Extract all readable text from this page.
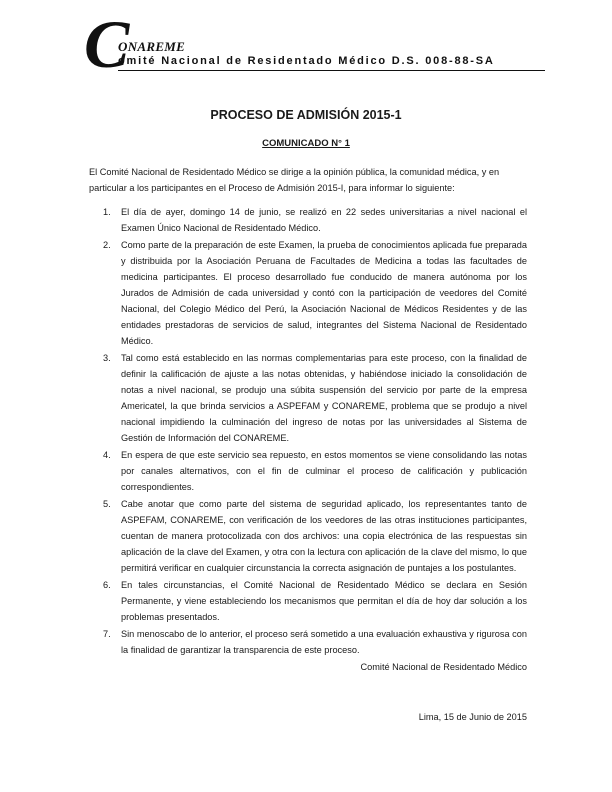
C
ONAREME
omité Nacional de Residentado Médico D.S. 008-88-SA
PROCESO DE ADMISIÓN 2015-1
COMUNICADO N° 1

El Comité Nacional de Residentado Médico se dirige a la opinión pública, la comunidad médica, y en particular a los participantes en el Proceso de Admisión 2015-I, para informar lo siguiente:

1. El día de ayer, domingo 14 de junio, se realizó en 22 sedes universitarias a nivel nacional el Examen Único Nacional de Residentado Médico.
2. Como parte de la preparación de este Examen, la prueba de conocimientos aplicada fue preparada y distribuida por la Asociación Peruana de Facultades de Medicina a todas las facultades de medicina participantes. El proceso desarrollado fue conducido de manera autónoma por los Jurados de Admisión de cada universidad y contó con la participación de veedores del Comité Nacional, del Colegio Médico del Perú, la Asociación Nacional de Médicos Residentes y de las entidades prestadoras de servicios de salud, integrantes del Sistema Nacional de Residentado Médico.
3. Tal como está establecido en las normas complementarias para este proceso, con la finalidad de definir la calificación de ajuste a las notas obtenidas, y habiéndose iniciado la consolidación de notas a nivel nacional, se produjo una súbita suspensión del servicio por parte de la empresa Americatel, la que brinda servicios a ASPEFAM y CONAREME, problema que se produjo a nivel nacional impidiendo la culminación del ingreso de notas por las universidades al Sistema de Gestión de Información del CONAREME.
4. En espera de que este servicio sea repuesto, en estos momentos se viene consolidando las notas por canales alternativos, con el fin de culminar el proceso de calificación y publicación correspondientes.
5. Cabe anotar que como parte del sistema de seguridad aplicado, los representantes tanto de ASPEFAM, CONAREME, con verificación de los veedores de las otras instituciones participantes, cuentan de manera protocolizada con dos archivos: una copia electrónica de las respuestas sin aplicación de la clave del Examen, y otra con la lectura con aplicación de la clave del mismo, lo que permitirá verificar en cualquier circunstancia la correcta asignación de puntajes a los postulantes.
6. En tales circunstancias, el Comité Nacional de Residentado Médico se declara en Sesión Permanente, y viene estableciendo los mecanismos que permitan el día de hoy dar solución a los problemas presentados.
7. Sin menoscabo de lo anterior, el proceso será sometido a una evaluación exhaustiva y rigurosa con la finalidad de garantizar la transparencia de este proceso.
Comité Nacional de Residentado Médico
Lima, 15 de Junio de 2015
